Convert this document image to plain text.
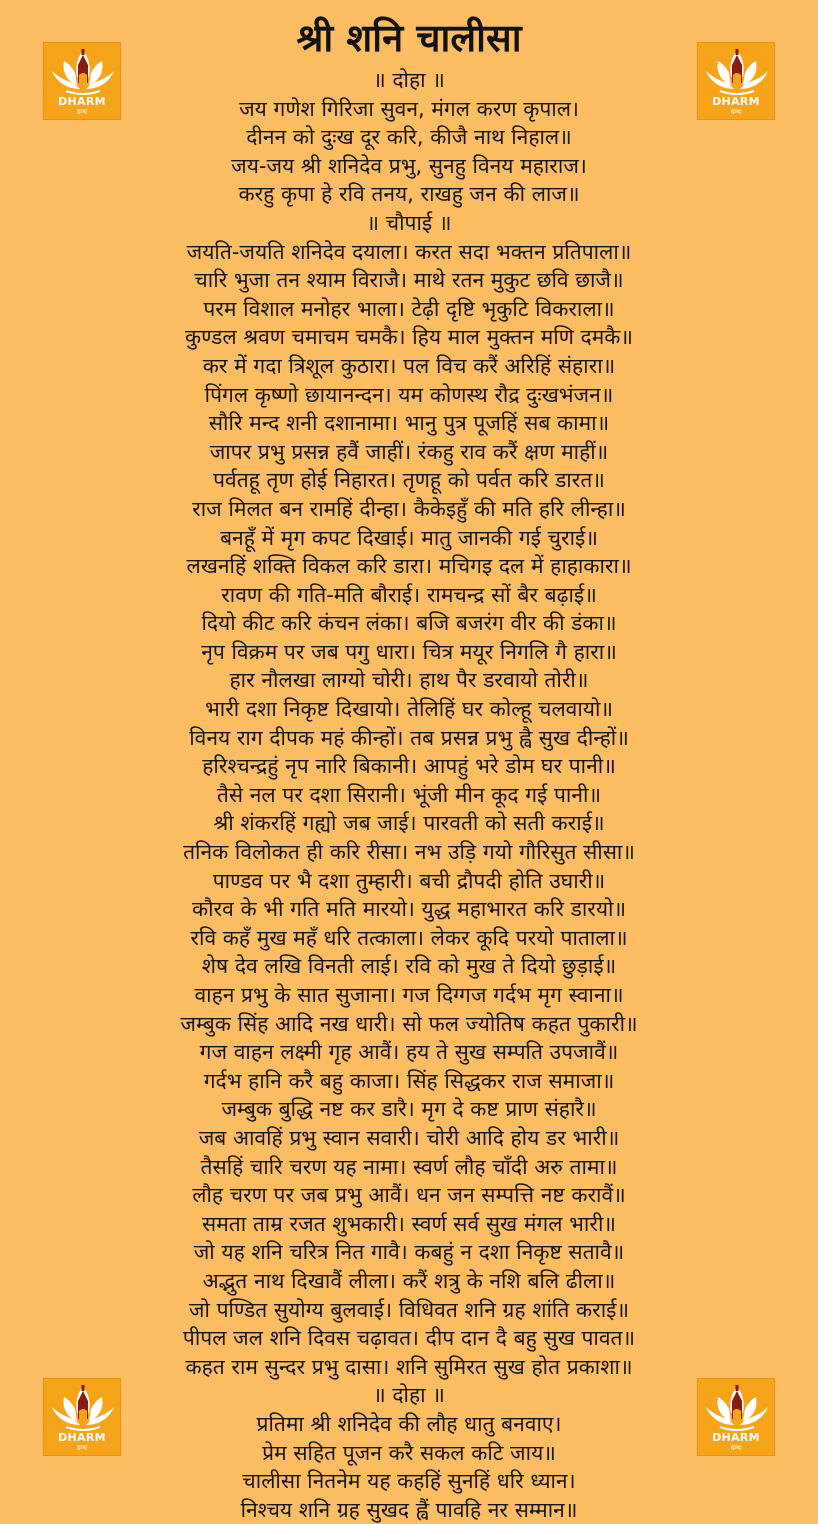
श्री शनि चालीसा
॥ दोहा ॥
जय गणेश गिरिजा सुवन, मंगल करण कृपाल।
दीनन को दुःख दूर करि, कीजै नाथ निहाल॥
जय-जय श्री शनिदेव प्रभु, सुनहु विनय महाराज।
करहु कृपा हे रवि तनय, राखहु जन की लाज॥
॥ चौपाई ॥
जयति-जयति शनिदेव दयाला। करत सदा भक्तन प्रतिपाला॥
चारि भुजा तन श्याम विराजै। माथे रतन मुकुट छवि छाजै॥
परम विशाल मनोहर भाला। टेढ़ी दृष्टि भृकुटि विकराला॥
कुण्डल श्रवण चमाचम चमकै। हिय माल मुक्तन मणि दमकै॥
कर में गदा त्रिशूल कुठारा। पल विच करैं अरिहिं संहारा॥
पिंगल कृष्णो छायानन्दन। यम कोणस्थ रौद्र दुःखभंजन॥
सौरि मन्द शनी दशानामा। भानु पुत्र पूजहिं सब कामा॥
जापर प्रभु प्रसन्न हवैं जाहीं। रंकहु राव करैं क्षण माहीं॥
पर्वतहू तृण होई निहारत। तृणहू को पर्वत करि डारत॥
राज मिलत बन रामहिं दीन्हा। कैकेइहुँ की मति हरि लीन्हा॥
बनहूँ में मृग कपट दिखाई। मातु जानकी गई चुराई॥
लखनहिं शक्ति विकल करि डारा। मचिगइ दल में हाहाकारा॥
रावण की गति-मति बौराई। रामचन्द्र सों बैर बढ़ाई॥
दियो कीट करि कंचन लंका। बजि बजरंग वीर की डंका॥
नृप विक्रम पर जब पगु धारा। चित्र मयूर निगलि गै हारा॥
हार नौलखा लाग्यो चोरी। हाथ पैर डरवायो तोरी॥
भारी दशा निकृष्ट दिखायो। तेलिहिं घर कोल्हू चलवायो॥
विनय राग दीपक महं कीन्हों। तब प्रसन्न प्रभु ह्वै सुख दीन्हों॥
हरिश्चन्द्रहुं नृप नारि बिकानी। आपहुं भरे डोम घर पानी॥
तैसे नल पर दशा सिरानी। भूंजी मीन कूद गई पानी॥
श्री शंकरहिं गह्यो जब जाई। पारवती को सती कराई॥
तनिक विलोकत ही करि रीसा। नभ उड़ि गयो गौरिसुत सीसा॥
पाण्डव पर भै दशा तुम्हारी। बची द्रौपदी होति उघारी॥
कौरव के भी गति मति मारयो। युद्ध महाभारत करि डारयो॥
रवि कहँ मुख महँ धरि तत्काला। लेकर कूदि परयो पाताला॥
शेष देव लखि विनती लाई। रवि को मुख ते दियो छुड़ाई॥
वाहन प्रभु के सात सुजाना। गज दिग्गज गर्दभ मृग स्वाना॥
जम्बुक सिंह आदि नख धारी। सो फल ज्योतिष कहत पुकारी॥
गज वाहन लक्ष्मी गृह आवैं। हय ते सुख सम्पति उपजावैं॥
गर्दभ हानि करै बहु काजा। सिंह सिद्धकर राज समाजा॥
जम्बुक बुद्धि नष्ट कर डारै। मृग दे कष्ट प्राण संहारै॥
जब आवहिं प्रभु स्वान सवारी। चोरी आदि होय डर भारी॥
तैसहिं चारि चरण यह नामा। स्वर्ण लौह चाँदी अरु तामा॥
लौह चरण पर जब प्रभु आवैं। धन जन सम्पत्ति नष्ट करावैं॥
समता ताम्र रजत शुभकारी। स्वर्ण सर्व सुख मंगल भारी॥
जो यह शनि चरित्र नित गावै। कबहुं न दशा निकृष्ट सतावै॥
अद्भुत नाथ दिखावैं लीला। करैं शत्रु के नशि बलि ढीला॥
जो पण्डित सुयोग्य बुलवाई। विधिवत शनि ग्रह शांति कराई॥
पीपल जल शनि दिवस चढ़ावत। दीप दान दै बहु सुख पावत॥
कहत राम सुन्दर प्रभु दासा। शनि सुमिरत सुख होत प्रकाशा॥
॥ दोहा ॥
प्रतिमा श्री शनिदेव की लौह धातु बनवाए।
प्रेम सहित पूजन करै सकल कटि जाय॥
चालीसा नितनेम यह कहहिं सुनहिं धरि ध्यान।
निश्चय शनि ग्रह सुखद ह्वैं पावहि नर सम्मान॥
DHARM
ग्रन्थ
DHARM
ग्रन्थ
DHARM
ग्रन्थ
DHARM
ग्रन्थ
